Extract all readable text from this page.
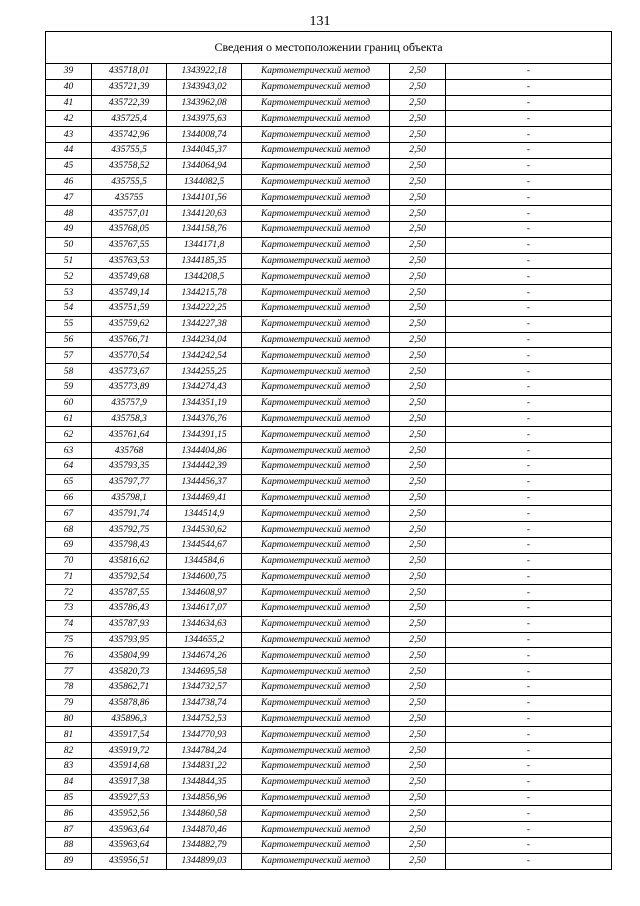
131
Сведения о местоположении границ объекта					
39	435718,01	1343922,18	Картометрический метод	2,50	-
40	435721,39	1343943,02	Картометрический метод	2,50	-
41	435722,39	1343962,08	Картометрический метод	2,50	-
42	435725,4	1343975,63	Картометрический метод	2,50	-
43	435742,96	1344008,74	Картометрический метод	2,50	-
44	435755,5	1344045,37	Картометрический метод	2,50	-
45	435758,52	1344064,94	Картометрический метод	2,50	-
46	435755,5	1344082,5	Картометрический метод	2,50	-
47	435755	1344101,56	Картометрический метод	2,50	-
48	435757,01	1344120,63	Картометрический метод	2,50	-
49	435768,05	1344158,76	Картометрический метод	2,50	-
50	435767,55	1344171,8	Картометрический метод	2,50	-
51	435763,53	1344185,35	Картометрический метод	2,50	-
52	435749,68	1344208,5	Картометрический метод	2,50	-
53	435749,14	1344215,78	Картометрический метод	2,50	-
54	435751,59	1344222,25	Картометрический метод	2,50	-
55	435759,62	1344227,38	Картометрический метод	2,50	-
56	435766,71	1344234,04	Картометрический метод	2,50	-
57	435770,54	1344242,54	Картометрический метод	2,50	-
58	435773,67	1344255,25	Картометрический метод	2,50	-
59	435773,89	1344274,43	Картометрический метод	2,50	-
60	435757,9	1344351,19	Картометрический метод	2,50	-
61	435758,3	1344376,76	Картометрический метод	2,50	-
62	435761,64	1344391,15	Картометрический метод	2,50	-
63	435768	1344404,86	Картометрический метод	2,50	-
64	435793,35	1344442,39	Картометрический метод	2,50	-
65	435797,77	1344456,37	Картометрический метод	2,50	-
66	435798,1	1344469,41	Картометрический метод	2,50	-
67	435791,74	1344514,9	Картометрический метод	2,50	-
68	435792,75	1344530,62	Картометрический метод	2,50	-
69	435798,43	1344544,67	Картометрический метод	2,50	-
70	435816,62	1344584,6	Картометрический метод	2,50	-
71	435792,54	1344600,75	Картометрический метод	2,50	-
72	435787,55	1344608,97	Картометрический метод	2,50	-
73	435786,43	1344617,07	Картометрический метод	2,50	-
74	435787,93	1344634,63	Картометрический метод	2,50	-
75	435793,95	1344655,2	Картометрический метод	2,50	-
76	435804,99	1344674,26	Картометрический метод	2,50	-
77	435820,73	1344695,58	Картометрический метод	2,50	-
78	435862,71	1344732,57	Картометрический метод	2,50	-
79	435878,86	1344738,74	Картометрический метод	2,50	-
80	435896,3	1344752,53	Картометрический метод	2,50	-
81	435917,54	1344770,93	Картометрический метод	2,50	-
82	435919,72	1344784,24	Картометрический метод	2,50	-
83	435914,68	1344831,22	Картометрический метод	2,50	-
84	435917,38	1344844,35	Картометрический метод	2,50	-
85	435927,53	1344856,96	Картометрический метод	2,50	-
86	435952,56	1344860,58	Картометрический метод	2,50	-
87	435963,64	1344870,46	Картометрический метод	2,50	-
88	435963,64	1344882,79	Картометрический метод	2,50	-
89	435956,51	1344899,03	Картометрический метод	2,50	-
